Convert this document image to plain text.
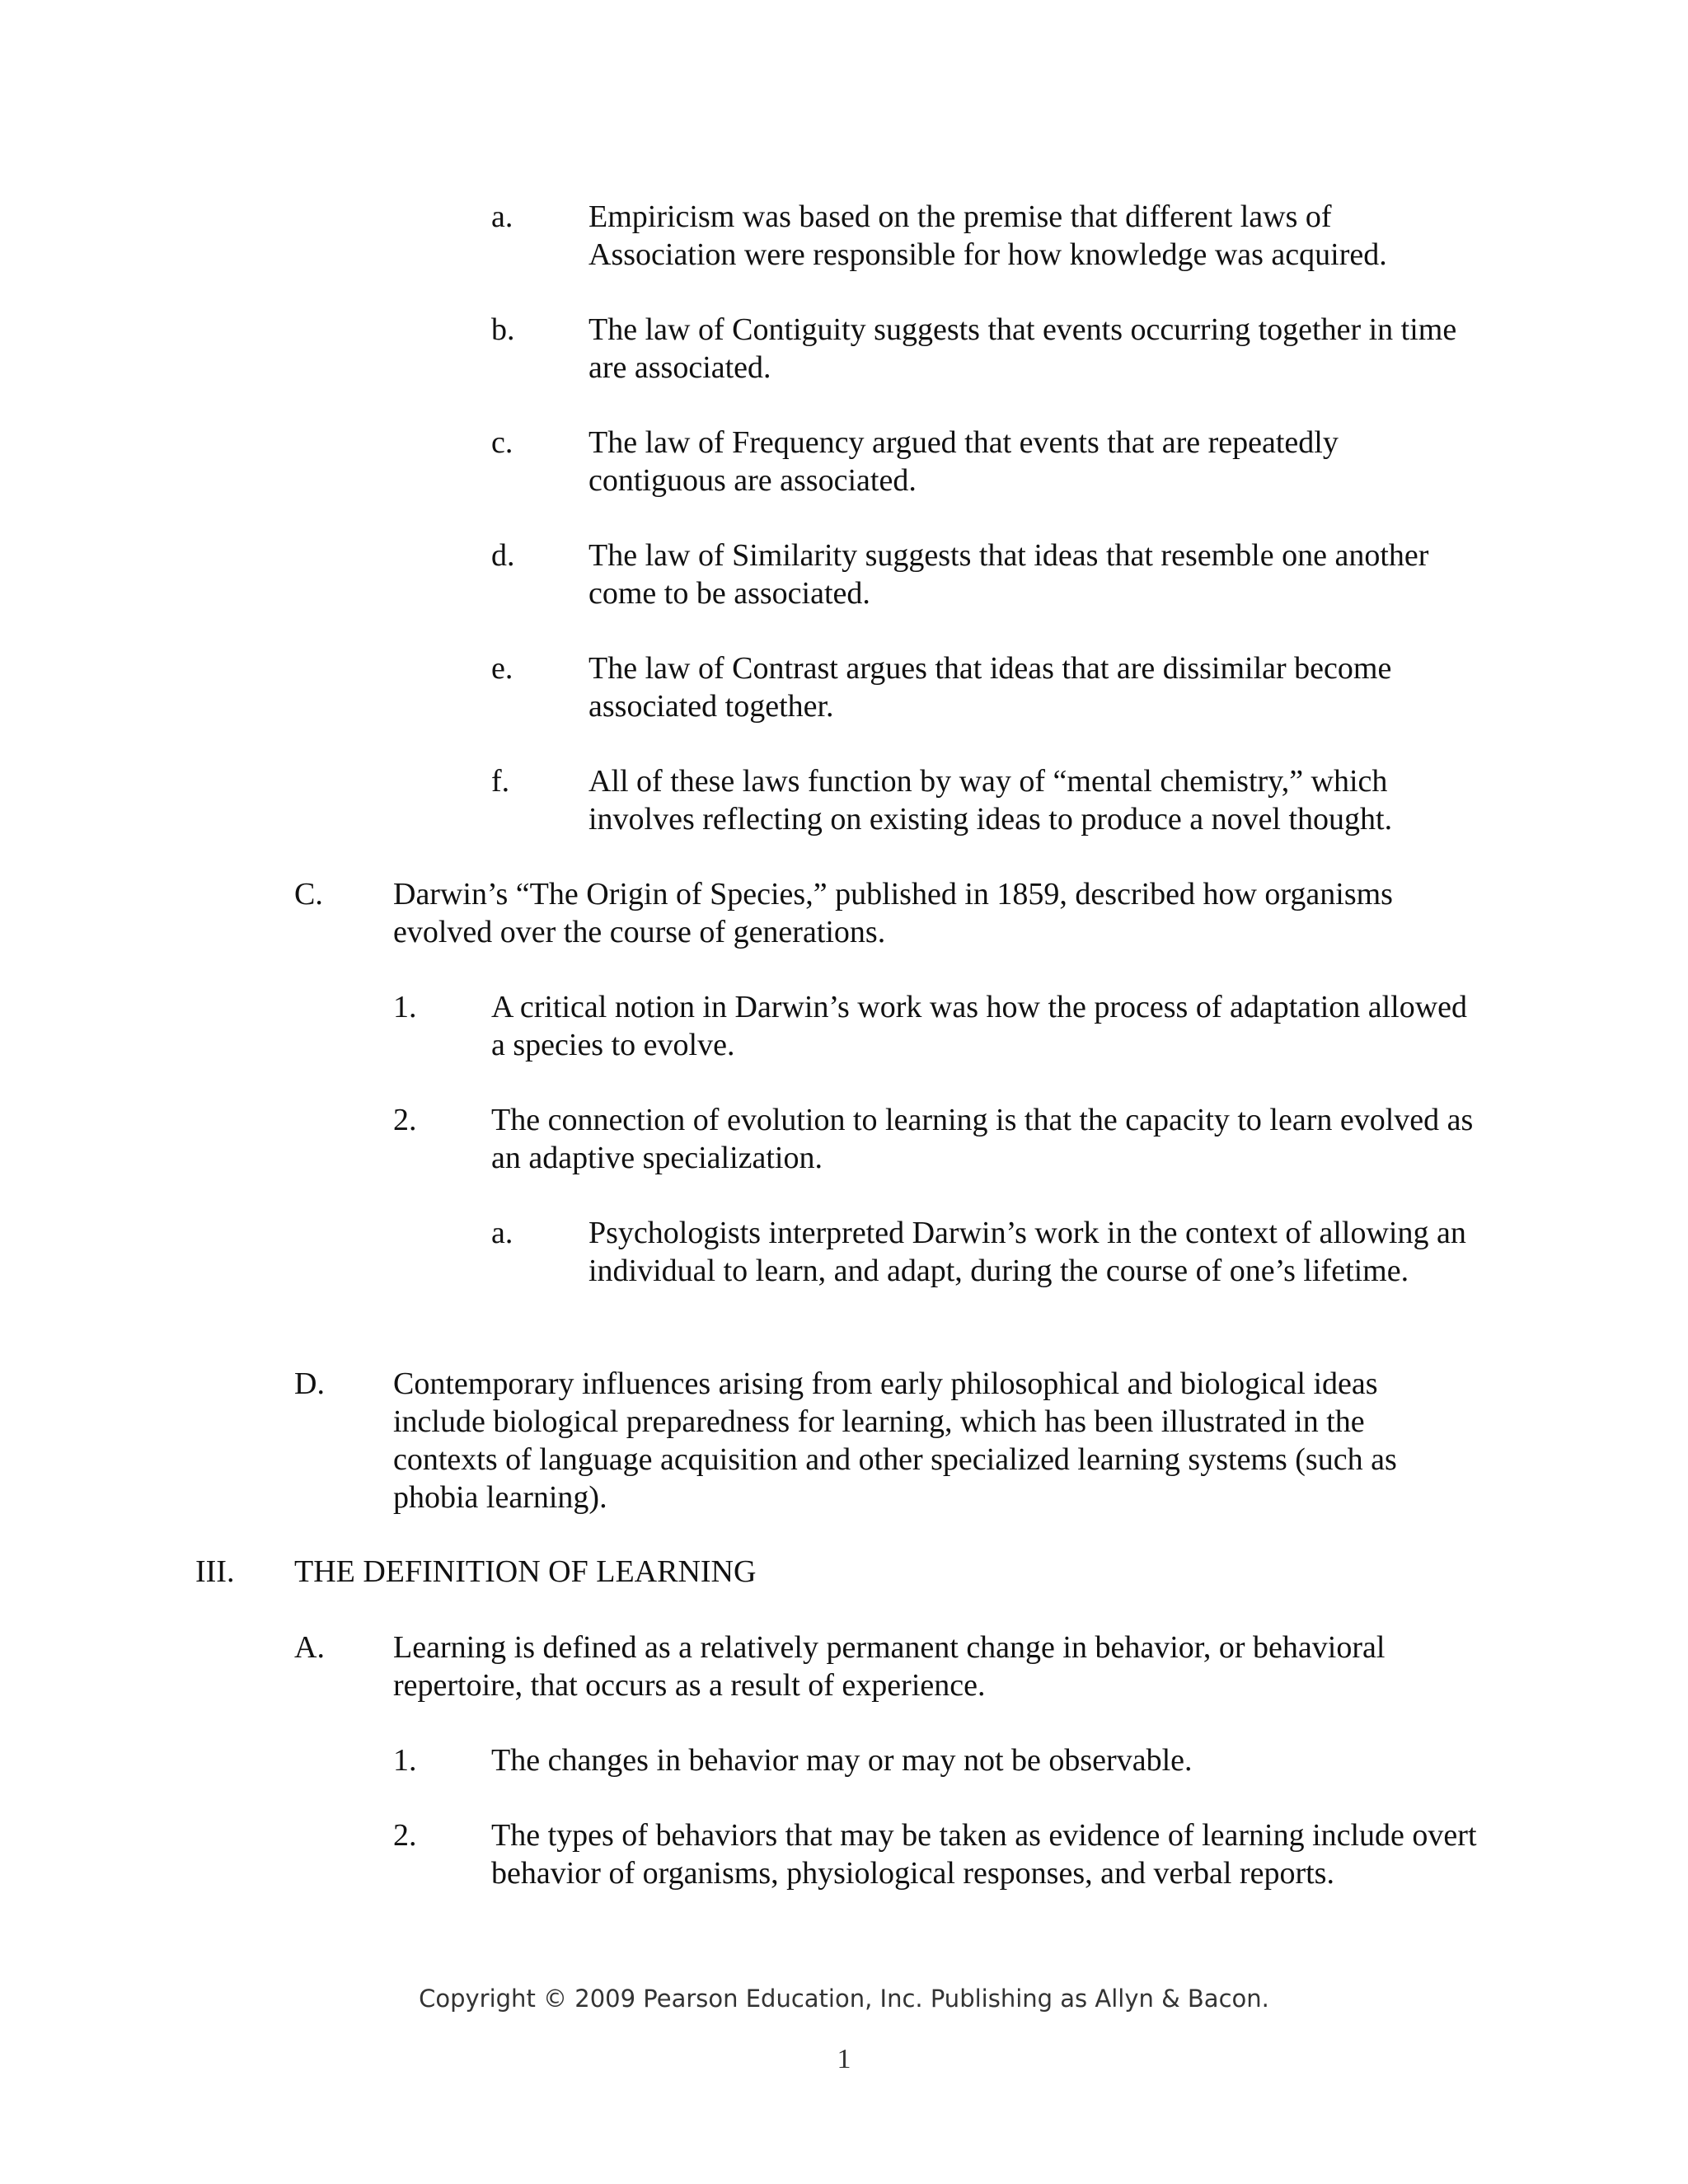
a. Empiricism was based on the premise that different laws of Association were responsible for how knowledge was acquired.
b. The law of Contiguity suggests that events occurring together in time are associated.
c. The law of Frequency argued that events that are repeatedly contiguous are associated.
d. The law of Similarity suggests that ideas that resemble one another come to be associated.
e. The law of Contrast argues that ideas that are dissimilar become associated together.
f.	All of these laws function by way of “mental chemistry,” which involves reflecting on existing ideas to produce a novel thought.
C. Darwin’s “The Origin of Species,” published in 1859, described how organisms evolved over the course of generations.
1. A critical notion in Darwin’s work was how the process of adaptation allowed a species to evolve.
2. The connection of evolution to learning is that the capacity to learn evolved as an adaptive specialization.
a. Psychologists interpreted Darwin’s work in the context of allowing an individual to learn, and adapt, during the course of one’s lifetime.
D. Contemporary influences arising from early philosophical and biological ideas include biological preparedness for learning, which has been illustrated in the contexts of language acquisition and other specialized learning systems (such as phobia learning).
III. THE DEFINITION OF LEARNING
A. Learning is defined as a relatively permanent change in behavior, or behavioral repertoire, that occurs as a result of experience.
1. The changes in behavior may or may not be observable.
2. The types of behaviors that may be taken as evidence of learning include overt behavior of organisms, physiological responses, and verbal reports.
Copyright © 2009 Pearson Education, Inc. Publishing as Allyn & Bacon.
1
